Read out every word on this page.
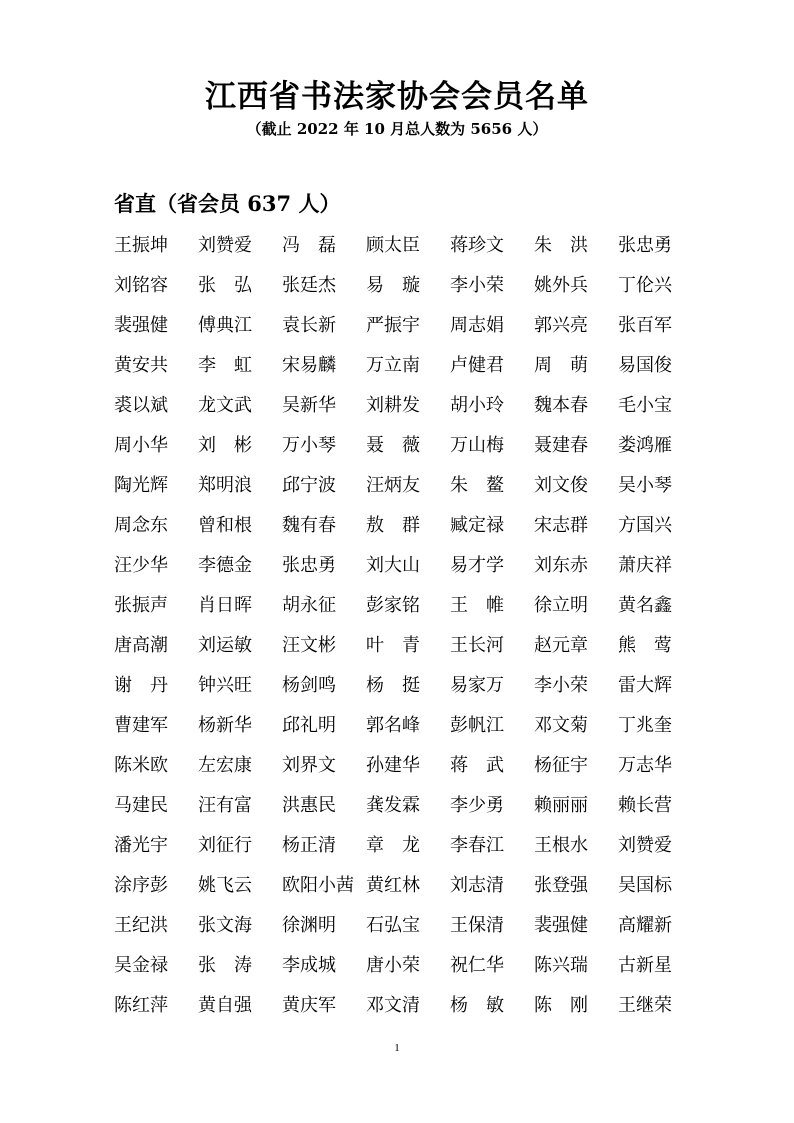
江西省书法家协会会员名单
（截止 2022 年 10 月总人数为 5656 人）
省直（省会员 637 人）
王振坤	刘赞爱	冯　磊	顾太臣	蒋珍文	朱　洪	张忠勇
刘铭容	张　弘	张廷杰	易　璇	李小荣	姚外兵	丁伦兴
裴强健	傅典江	袁长新	严振宇	周志娟	郭兴亮	张百军
黄安共	李　虹	宋易麟	万立南	卢健君	周　萌	易国俊
裘以斌	龙文武	吴新华	刘耕发	胡小玲	魏本春	毛小宝
周小华	刘　彬	万小琴	聂　薇	万山梅	聂建春	娄鸿雁
陶光辉	郑明浪	邱宁波	汪炳友	朱　鳌	刘文俊	吴小琴
周念东	曾和根	魏有春	敖　群	臧定禄	宋志群	方国兴
汪少华	李德金	张忠勇	刘大山	易才学	刘东赤	萧庆祥
张振声	肖日晖	胡永征	彭家铭	王　帷	徐立明	黄名鑫
唐高潮	刘运敏	汪文彬	叶　青	王长河	赵元章	熊　莺
谢　丹	钟兴旺	杨剑鸣	杨　挺	易家万	李小荣	雷大辉
曹建军	杨新华	邱礼明	郭名峰	彭帆江	邓文菊	丁兆奎
陈米欧	左宏康	刘界文	孙建华	蒋　武	杨征宇	万志华
马建民	汪有富	洪惠民	龚发霖	李少勇	赖丽丽	赖长营
潘光宇	刘征行	杨正清	章　龙	李春江	王根水	刘赞爱
涂序彭	姚飞云	欧阳小茜 黄红林	刘志清	张登强	吴国标
王纪洪	张文海	徐渊明	石弘宝	王保清	裴强健	高耀新
吴金禄	张　涛	李成城	唐小荣	祝仁华	陈兴瑞	古新星
陈红萍	黄自强	黄庆军	邓文清	杨　敏	陈　刚	王继荣
1
